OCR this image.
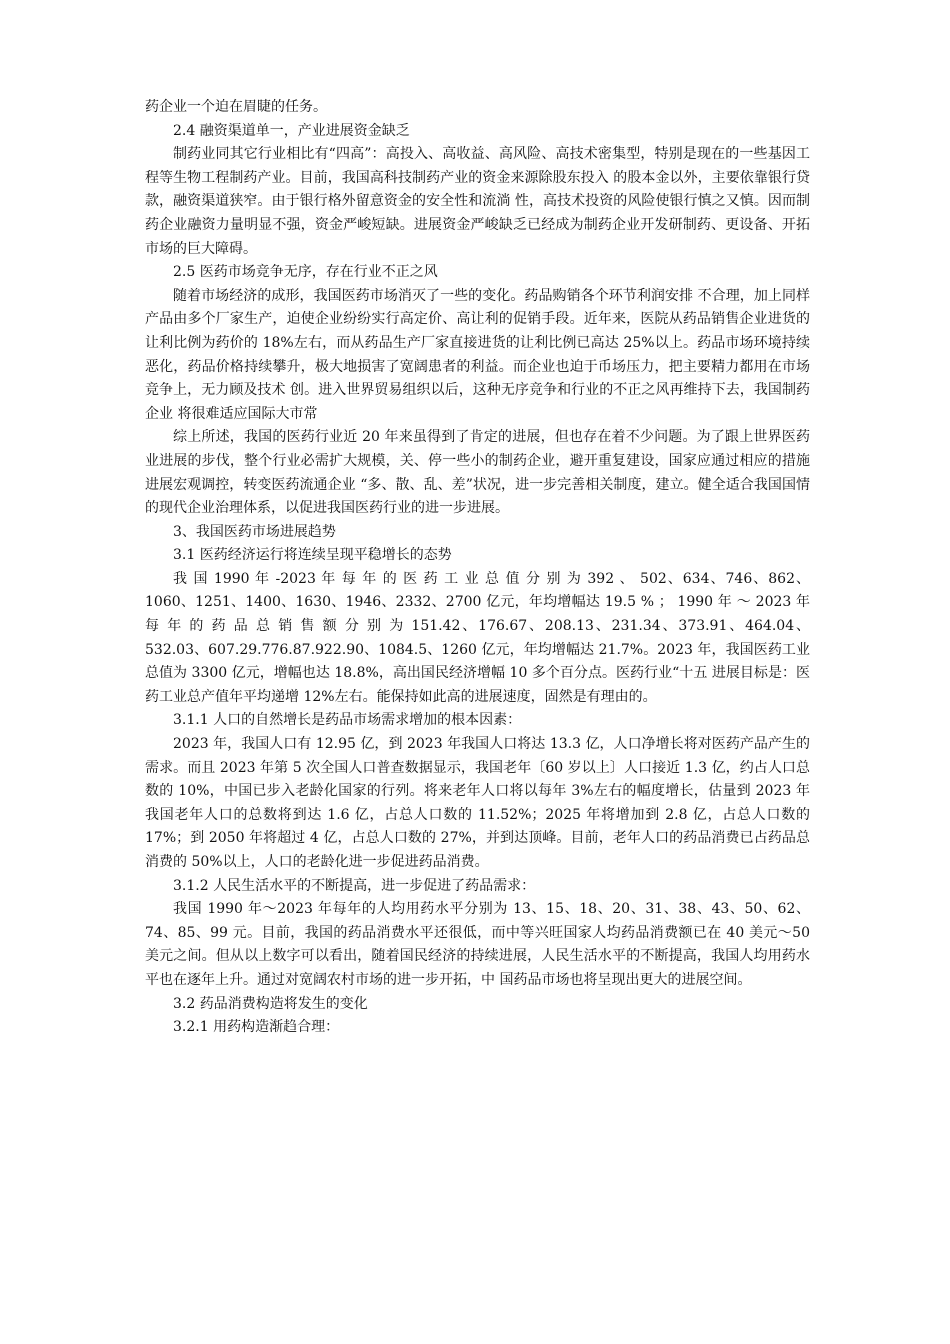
药企业一个迫在眉睫的任务。

2.4 融资渠道单一，产业进展资金缺乏

制药业同其它行业相比有“四高”：高投入、高收益、高风险、高技术密集型，特别是现在的一些基因工程等生物工程制药产业。目前，我国高科技制药产业的资金来源除股东投入 的股本金以外，主要依靠银行贷款，融资渠道狭窄。由于银行格外留意资金的安全性和流淌 性，高技术投资的风险使银行慎之又慎。因而制药企业融资力量明显不强，资金严峻短缺。进展资金严峻缺乏已经成为制药企业开发研制药、更设备、开拓市场的巨大障碍。

2.5 医药市场竞争无序，存在行业不正之风

随着市场经济的成形，我国医药市场消灭了一些的变化。药品购销各个环节利润安排 不合理，加上同样产品由多个厂家生产，迫使企业纷纷实行高定价、高让利的促销手段。近年来，医院从药品销售企业进货的让利比例为药价的 18%左右，而从药品生产厂家直接进货的让利比例已高达 25%以上。药品市场环境持续恶化，药品价格持续攀升，极大地损害了宽阔患者的利益。而企业也迫于币场压力，把主要精力都用在市场竞争上，无力顾及技术 创。进入世界贸易组织以后，这种无序竞争和行业的不正之风再维持下去，我国制药企业 将很难适应国际大市常

综上所述，我国的医药行业近 20 年来虽得到了肯定的进展，但也存在着不少问题。为了跟上世界医药业进展的步伐，整个行业必需扩大规模，关、停一些小的制药企业，避开重复建设，国家应通过相应的措施进展宏观调控，转变医药流通企业 “多、散、乱、差”状况，进一步完善相关制度，建立。健全适合我国国情的现代企业治理体系，以促进我国医药行业的进一步进展。

3、我国医药市场进展趋势

3.1 医药经济运行将连续呈现平稳增长的态势

我 国 1990 年 -2023 年 每 年 的 医 药 工 业 总 值 分 别 为 392 、 502、634、746、862、1060、1251、1400、1630、1946、2332、2700 亿元，年均增幅达 19.5 % ； 1990 年 ～ 2023 年 每 年 的 药 品 总 销 售 额 分 别 为 151.42、176.67、208.13、231.34、373.91、464.04、 532.03、607.29.776.87.922.90、1084.5、1260 亿元，年均增幅达 21.7%。2023 年，我国医药工业总值为 3300 亿元，增幅也达 18.8%，高出国民经济增幅 10 多个百分点。医药行业“十五 进展目标是：医药工业总产值年平均递增 12%左右。能保持如此高的进展速度，固然是有理由的。

3.1.1 人口的自然增长是药品市场需求增加的根本因素：

2023 年，我国人口有 12.95 亿，到 2023 年我国人口将达 13.3 亿，人口净增长将对医药产品产生的需求。而且 2023 年第 5 次全国人口普查数据显示，我国老年〔60 岁以上〕人口接近 1.3 亿，约占人口总数的 10%，中国已步入老龄化国家的行列。将来老年人口将以每年 3%左右的幅度增长，估量到 2023 年我国老年人口的总数将到达 1.6 亿，占总人口数的 11.52%；2025 年将增加到 2.8 亿，占总人口数的 17%；到 2050 年将超过 4 亿，占总人口数的 27%，并到达顶峰。目前，老年人口的药品消费已占药品总消费的 50%以上，人口的老龄化进一步促进药品消费。

3.1.2 人民生活水平的不断提高，进一步促进了药品需求：

我国 1990 年～2023 年每年的人均用药水平分别为 13、15、18、20、31、38、43、50、62、74、85、99 元。目前，我国的药品消费水平还很低，而中等兴旺国家人均药品消费额已在 40 美元～50 美元之间。但从以上数字可以看出，随着国民经济的持续进展，人民生活水平的不断提高，我国人均用药水平也在逐年上升。通过对宽阔农村市场的进一步开拓，中 国药品市场也将呈现出更大的进展空间。

3.2 药品消费构造将发生的变化

3.2.1 用药构造渐趋合理：
